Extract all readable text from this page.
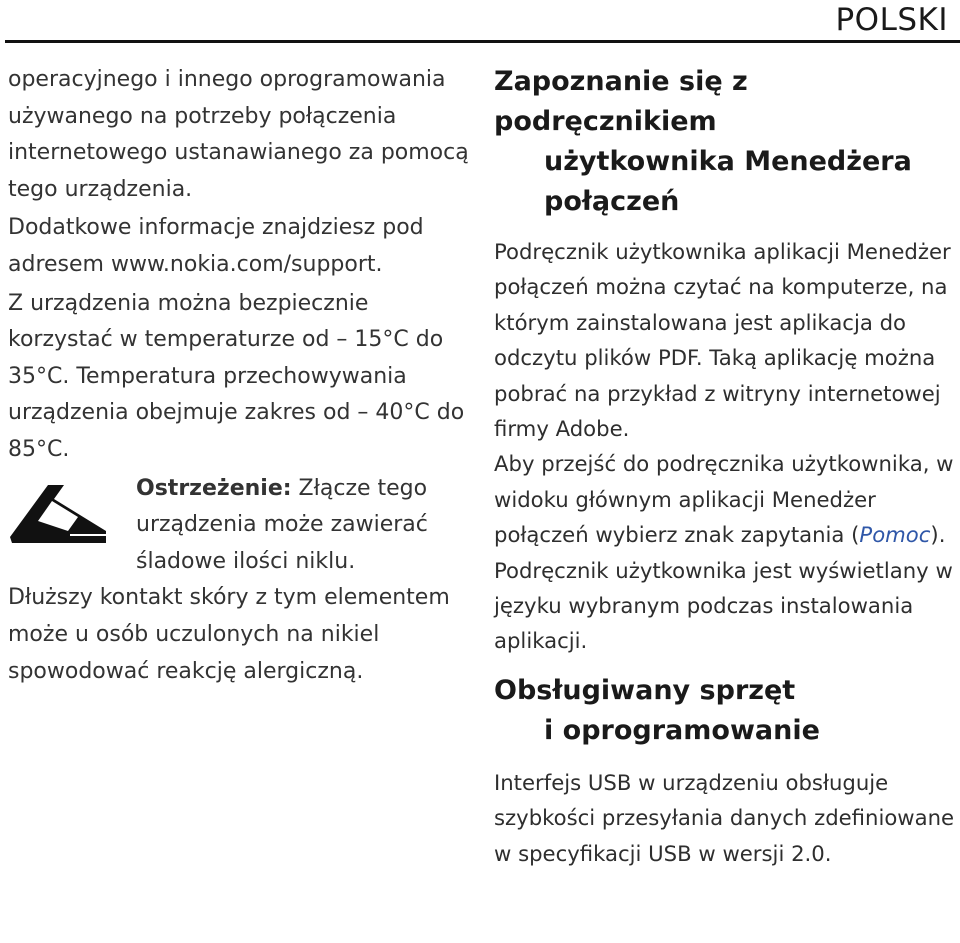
POLSKI

operacyjnego i innego oprogramowania używanego na potrzeby połączenia internetowego ustanawianego za pomocą tego urządzenia.

Dodatkowe informacje znajdziesz pod adresem www.nokia.com/support.

Z urządzenia można bezpiecznie korzystać w temperaturze od – 15°C do 35°C. Temperatura przechowywania urządzenia obejmuje zakres od – 40°C do 85°C.

Ostrzeżenie: Złącze tego urządzenia może zawierać śladowe ilości niklu.

Dłuższy kontakt skóry z tym elementem może u osób uczulonych na nikiel spowodować reakcję alergiczną.

Zapoznanie się z podręcznikiem
użytkownika Menedżera
połączeń

Podręcznik użytkownika aplikacji Menedżer połączeń można czytać na komputerze, na którym zainstalowana jest aplikacja do odczytu plików PDF. Taką aplikację można pobrać na przykład z witryny internetowej firmy Adobe.

Aby przejść do podręcznika użytkownika, w widoku głównym aplikacji Menedżer połączeń wybierz znak zapytania (Pomoc). Podręcznik użytkownika jest wyświetlany w języku wybranym podczas instalowania aplikacji.

Obsługiwany sprzęt
i oprogramowanie

Interfejs USB w urządzeniu obsługuje szybkości przesyłania danych zdefiniowane w specyfikacji USB w wersji 2.0.
